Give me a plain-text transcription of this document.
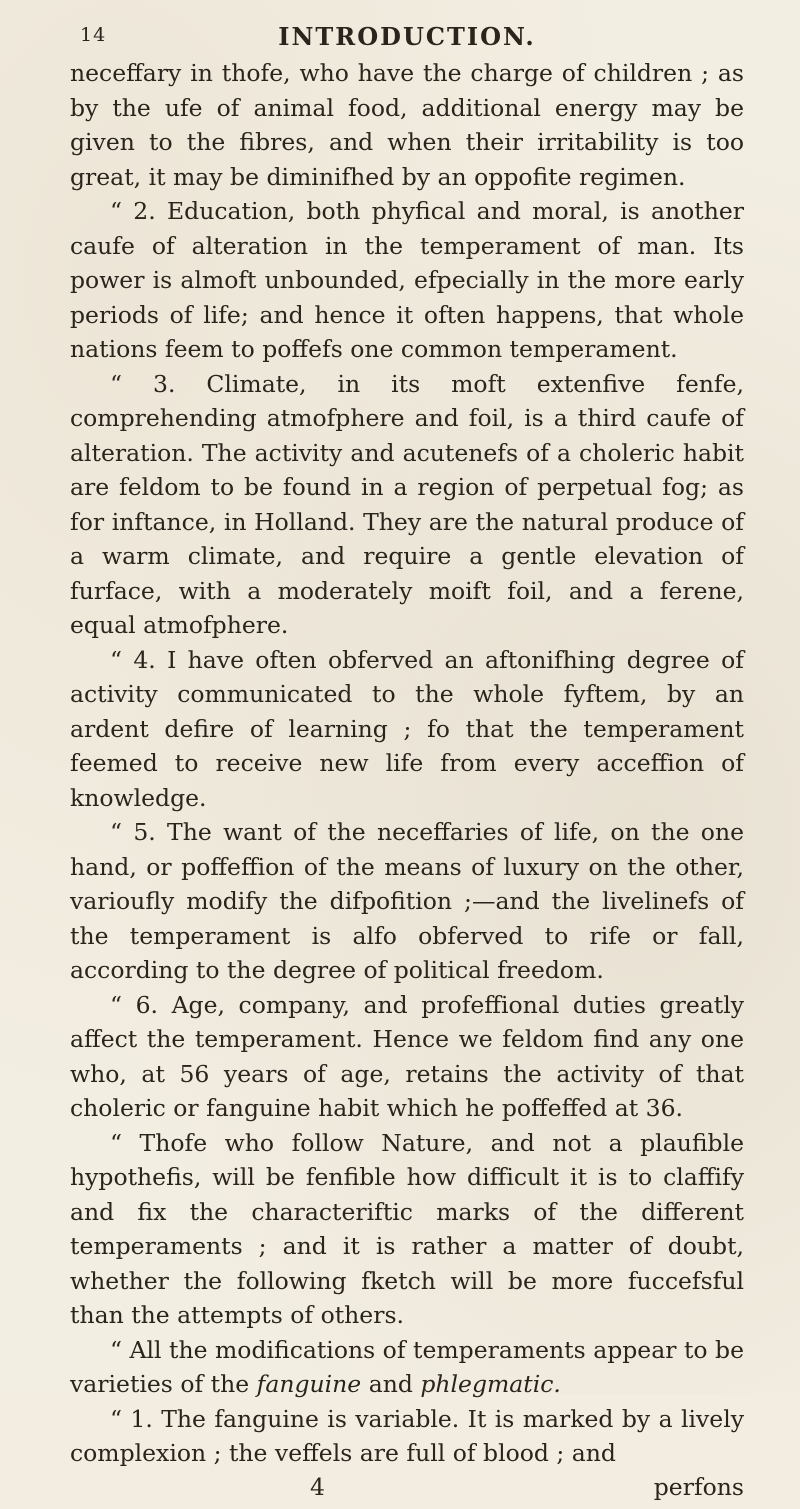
14	INTRODUCTION.

neceffary in thofe, who have the charge of children ; as by the ufe of animal food, additional energy may be given to the fibres, and when their irritability is too great, it may be diminifhed by an oppofite regimen.

“ 2. Education, both phyfical and moral, is another caufe of alteration in the temperament of man. Its power is almoft unbounded, efpecially in the more early periods of life; and hence it often happens, that whole nations feem to poffefs one common temperament.

“ 3. Climate, in its moft extenfive fenfe, comprehending atmofphere and foil, is a third caufe of alteration. The activity and acutenefs of a choleric habit are feldom to be found in a region of perpetual fog; as for inftance, in Holland. They are the natural produce of a warm climate, and require a gentle elevation of furface, with a moderately moift foil, and a ferene, equal atmofphere.

“ 4. I have often obferved an aftonifhing degree of activity communicated to the whole fyftem, by an ardent defire of learning ; fo that the temperament feemed to receive new life from every acceffion of knowledge.

“ 5. The want of the neceffaries of life, on the one hand, or poffeffion of the means of luxury on the other, varioufly modify the difpofition ;—and the livelinefs of the temperament is alfo obferved to rife or fall, according to the degree of political freedom.

“ 6. Age, company, and profeffional duties greatly affect the temperament. Hence we feldom find any one who, at 56 years of age, retains the activity of that choleric or fanguine habit which he poffeffed at 36.

“ Thofe who follow Nature, and not a plaufible hypothefis, will be fenfible how difficult it is to claffify and fix the characteriftic marks of the different temperaments ; and it is rather a matter of doubt, whether the following fketch will be more fuccefsful than the attempts of others.

“ All the modifications of temperaments appear to be varieties of the fanguine and phlegmatic.

“ 1. The fanguine is variable. It is marked by a lively complexion ; the veffels are full of blood ; and

4	perfons
